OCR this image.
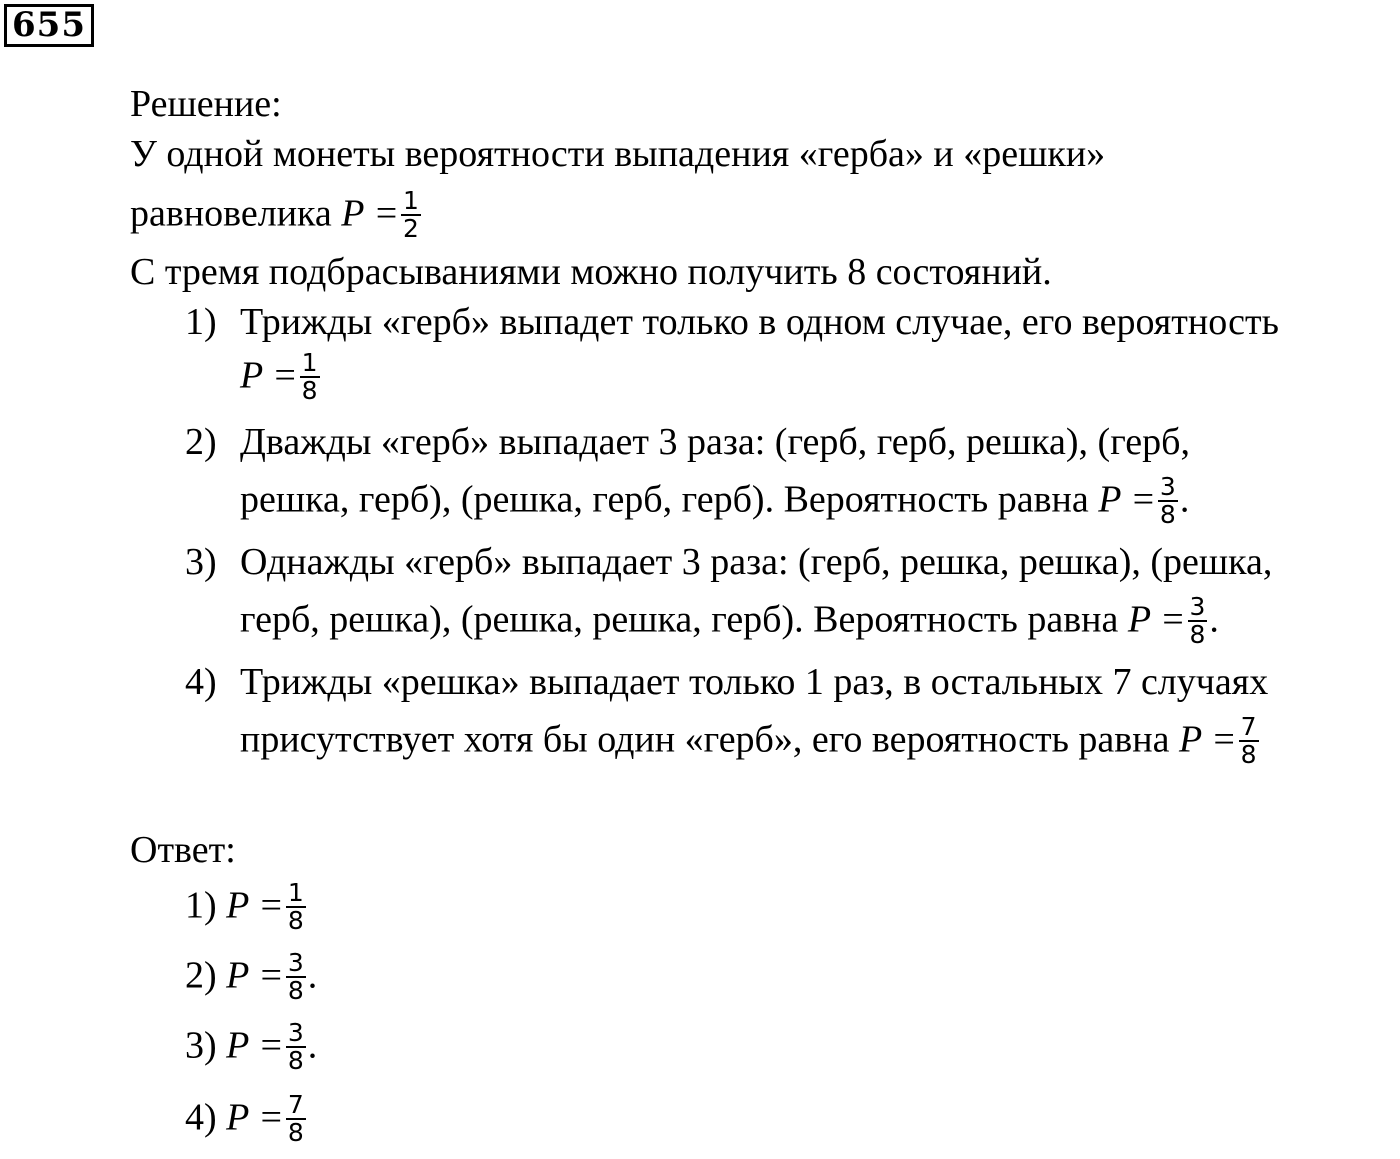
655
Решение:
У одной монеты вероятности выпадения «герба» и «решки»
равновелика $P = \frac{1}{2}$
С тремя подбрасываниями можно получить 8 состояний.
1) Трижды «герб» выпадет только в одном случае, его вероятность
$P = \frac{1}{8}$
2) Дважды «герб» выпадает 3 раза: (герб, герб, решка), (герб,
решка, герб), (решка, герб, герб). Вероятность равна $P = \frac{3}{8}$ .
3) Однажды «герб» выпадает 3 раза: (герб, решка, решка), (решка,
герб, решка), (решка, решка, герб). Вероятность равна $P = \frac{3}{8}$ .
4) Трижды «решка» выпадает только 1 раз, в остальных 7 случаях
присутствует хотя бы один «герб», его вероятность равна $P = \frac{7}{8}$
Ответ:
1) $P = \frac{1}{8}$
2) $P = \frac{3}{8}$ .
3) $P = \frac{3}{8}$ .
4) $P = \frac{7}{8}$
